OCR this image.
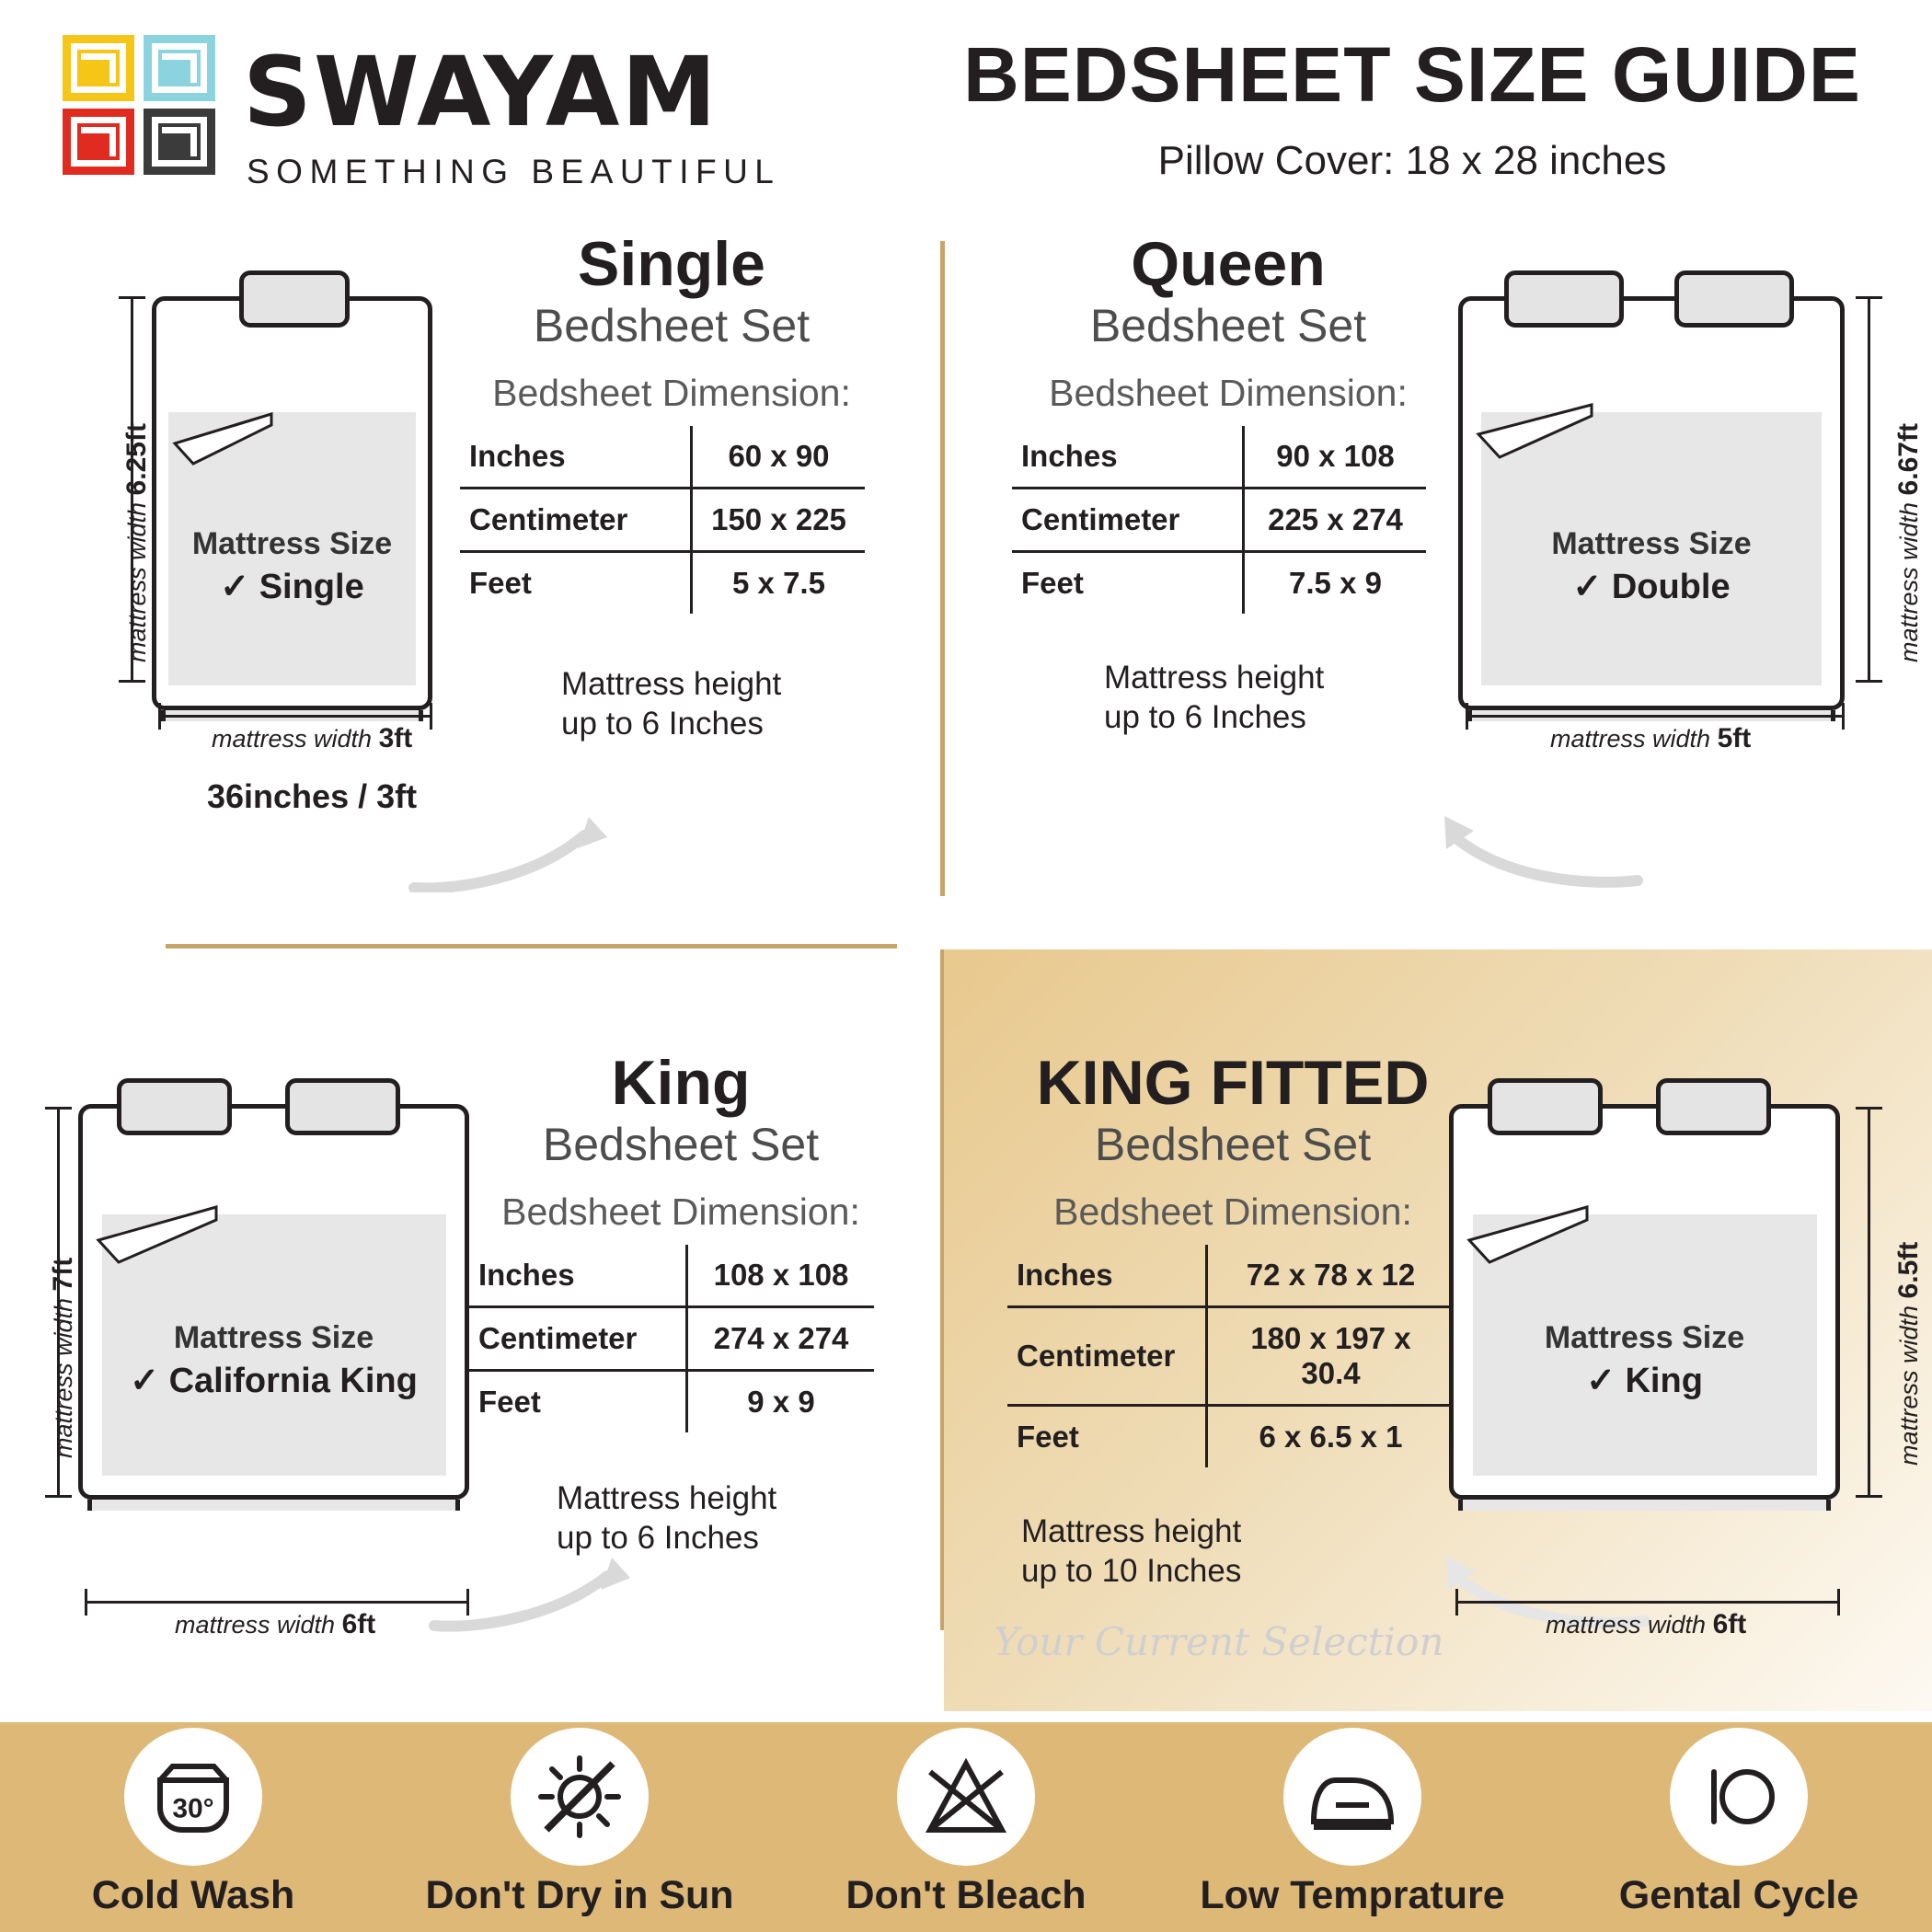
SWAYAM
SOMETHING BEAUTIFUL
BEDSHEET SIZE GUIDE
Pillow Cover: 18 x 28 inches
Mattress Size
✓ Single
mattress width 6.25ft
mattress width 3ft
36inches / 3ft
Single
Bedsheet Set
Bedsheet Dimension:
Inches	60 x 90
Centimeter	150 x 225
Feet	5 x 7.5
Mattress height
up to 6 Inches
Queen
Bedsheet Set
Bedsheet Dimension:
Inches	90 x 108
Centimeter	225 x 274
Feet	7.5 x 9
Mattress height
up to 6 Inches
Mattress Size
✓ Double	mattress width 6.67ft
mattress width 5ft
Mattress Size
✓ California King
mattress width 7ft
mattress width 6ft
King
Bedsheet Set
Bedsheet Dimension:
Inches	108 x 108
Centimeter	274 x 274
Feet	9 x 9
Mattress height
up to 6 Inches
KING FITTED
Bedsheet Set
Bedsheet Dimension:
Inches	72 x 78 x 12
Centimeter	180 x 197 x 30.4
Feet	6 x 6.5 x 1
Mattress height
up to 10 Inches
Mattress Size
✓ King	mattress width 6.5ft
mattress width 6ft
Your Current Selection
30°
Cold Wash	Don't Dry in Sun	Don't Bleach	Low Temprature	Gental Cycle
